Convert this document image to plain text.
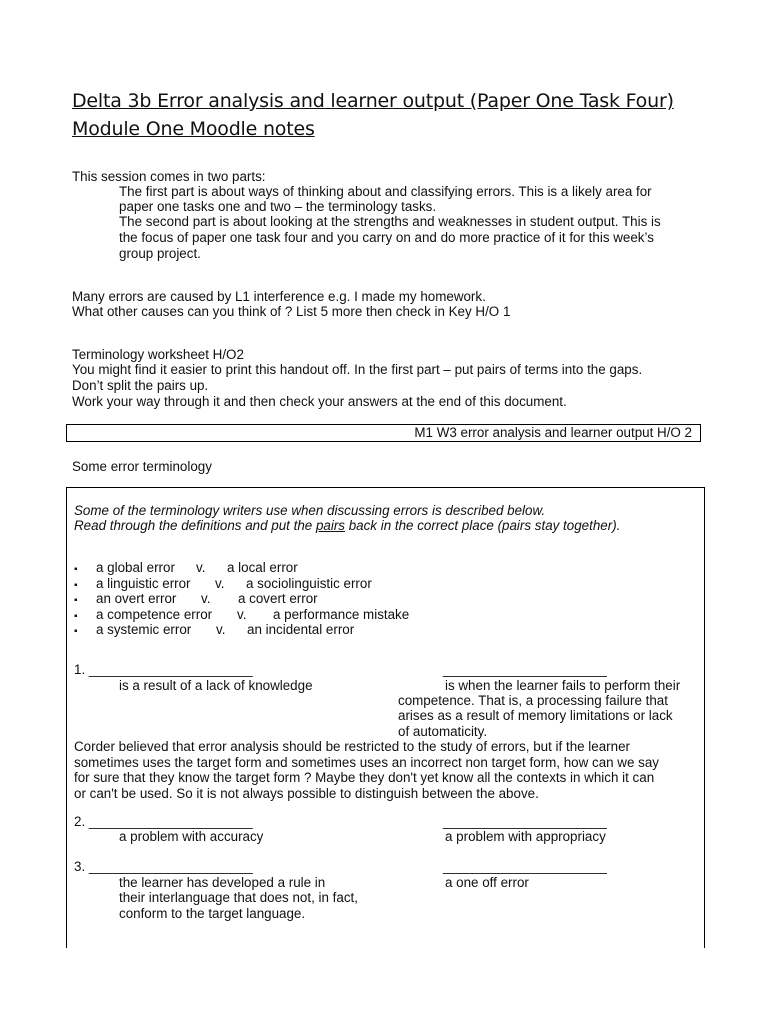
Delta 3b Error analysis and learner output (Paper One Task Four)
Module One Moodle notes
This session comes in two parts:
The first part is about ways of thinking about and classifying errors. This is a likely area for
paper one tasks one and two – the terminology tasks.
The second part is about looking at the strengths and weaknesses in student output. This is
the focus of paper one task four and you carry on and do more practice of it for this week’s
group project.
Many errors are caused by L1 interference e.g. I made my homework.
What other causes can you think of ? List 5 more then check in Key H/O 1
Terminology worksheet H/O2
You might find it easier to print this handout off. In the first part – put pairs of terms into the gaps.
Don’t split the pairs up.
Work your way through it and then check your answers at the end of this document.
M1 W3 error analysis and learner output H/O 2
Some error terminology
Some of the terminology writers use when discussing errors is described below.
Read through the definitions and put the pairs back in the correct place (pairs stay together).
▪ a global error v. a local error
▪ a linguistic error v. a sociolinguistic error
▪ an overt error v. a covert error
▪ a competence error v. a performance mistake
▪ a systemic error v. an incidental error
1. ______________________	______________________
is a result of a lack of knowledge	is when the learner fails to perform their
competence. That is, a processing failure that
arises as a result of memory limitations or lack
of automaticity.
Corder believed that error analysis should be restricted to the study of errors, but if the learner
sometimes uses the target form and sometimes uses an incorrect non target form, how can we say
for sure that they know the target form ? Maybe they don't yet know all the contexts in which it can
or can't be used. So it is not always possible to distinguish between the above.
2. ______________________	______________________
a problem with accuracy	a problem with appropriacy
3. ______________________	______________________
the learner has developed a rule in	a one off error
their interlanguage that does not, in fact,
conform to the target language.
